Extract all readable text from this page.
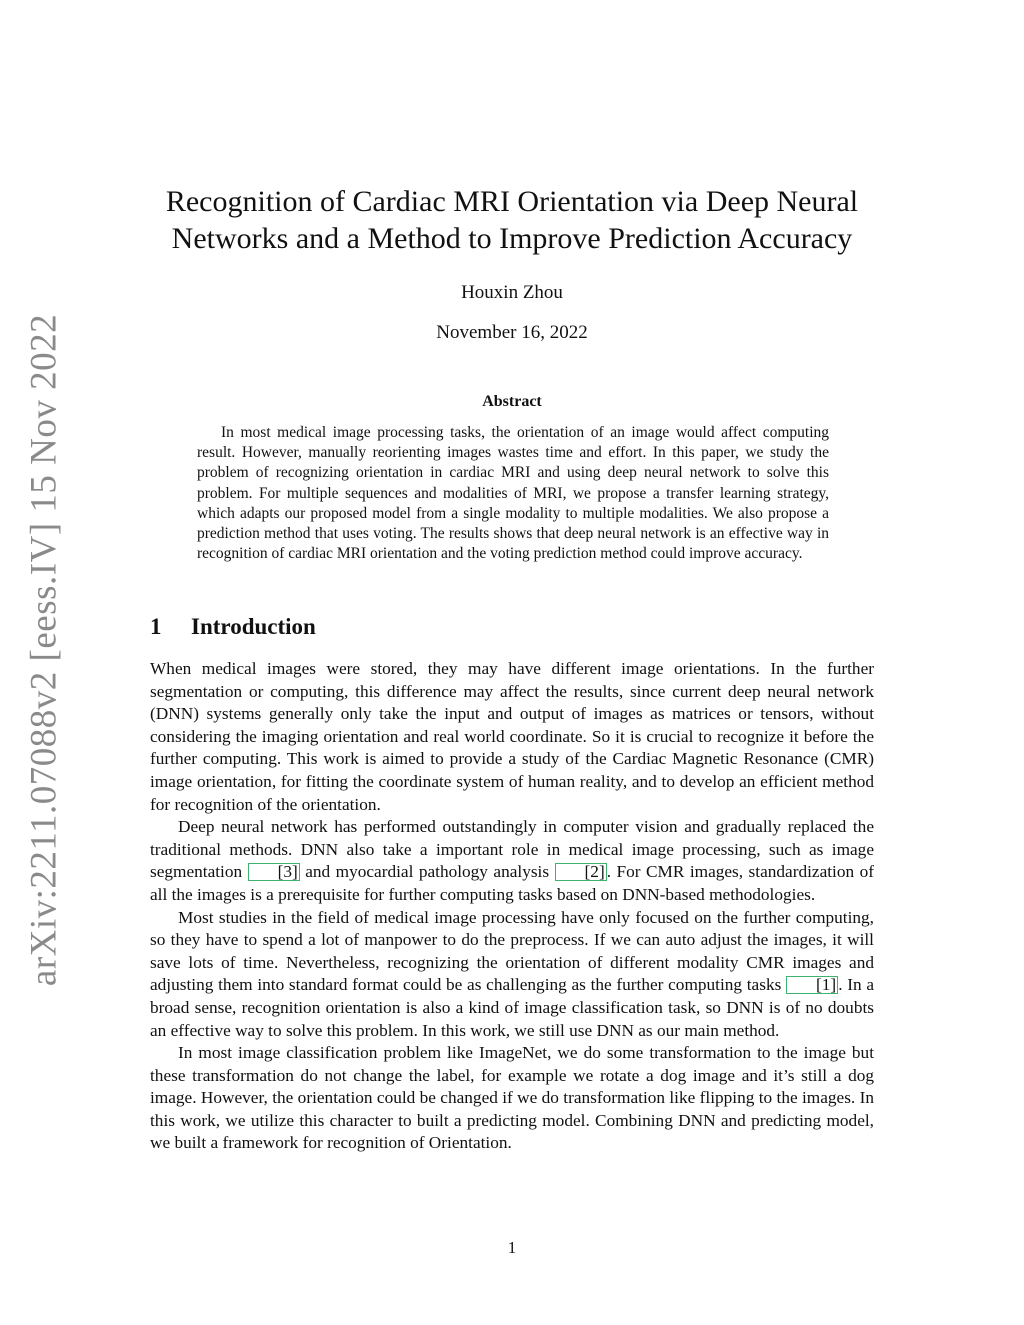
arXiv:2211.07088v2 [eess.IV] 15 Nov 2022
Recognition of Cardiac MRI Orientation via Deep Neural
Networks and a Method to Improve Prediction Accuracy
Houxin Zhou
November 16, 2022
Abstract

In most medical image processing tasks, the orientation of an image would affect computing result. However, manually reorienting images wastes time and effort. In this paper, we study the problem of recognizing orientation in cardiac MRI and using deep neural network to solve this problem. For multiple sequences and modalities of MRI, we propose a transfer learning strategy, which adapts our proposed model from a single modality to multiple modalities. We also propose a prediction method that uses voting. The results shows that deep neural network is an effective way in recognition of cardiac MRI orientation and the voting prediction method could improve accuracy.

1 Introduction

When medical images were stored, they may have different image orientations. In the further segmentation or computing, this difference may affect the results, since current deep neural network (DNN) systems generally only take the input and output of images as matrices or tensors, without considering the imaging orientation and real world coordinate. So it is crucial to recognize it before the further computing. This work is aimed to provide a study of the Cardiac Magnetic Resonance (CMR) image orientation, for fitting the coordinate system of human reality, and to develop an efficient method for recognition of the orientation.

Deep neural network has performed outstandingly in computer vision and gradually replaced the traditional methods. DNN also take a important role in medical image processing, such as image segmentation [3] and myocardial pathology analysis [2] . For CMR images, standardization of all the images is a prerequisite for further computing tasks based on DNN-based methodologies.

Most studies in the field of medical image processing have only focused on the further computing, so they have to spend a lot of manpower to do the preprocess. If we can auto adjust the images, it will save lots of time. Nevertheless, recognizing the orientation of different modality CMR images and adjusting them into standard format could be as challenging as the further computing tasks [1] . In a broad sense, recognition orientation is also a kind of image classification task, so DNN is of no doubts an effective way to solve this problem. In this work, we still use DNN as our main method.

In most image classification problem like ImageNet, we do some transformation to the image but these transformation do not change the label, for example we rotate a dog image and it’s still a dog image. However, the orientation could be changed if we do transformation like flipping to the images. In this work, we utilize this character to built a predicting model. Combining DNN and predicting model, we built a framework for recognition of Orientation.

1
